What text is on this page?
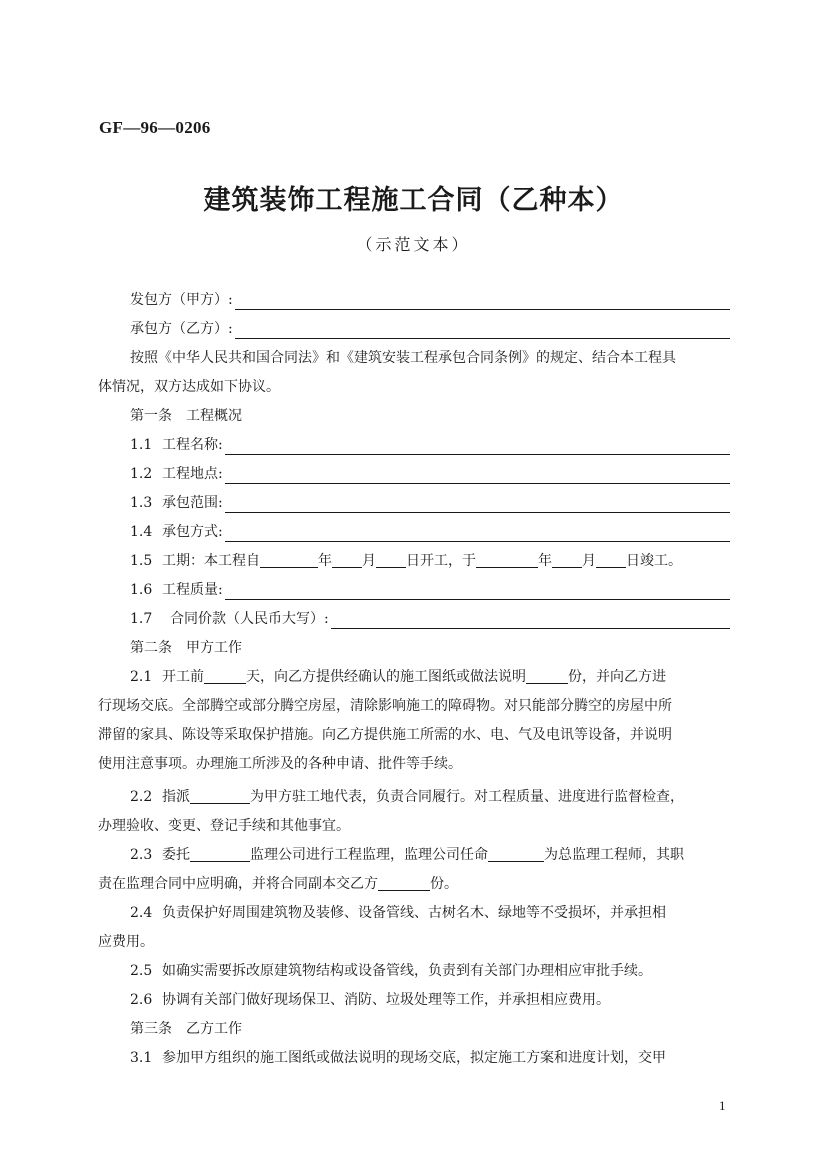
GF—96—0206
建筑装饰工程施工合同（乙种本）
（示范文本）
发包方（甲方）:
承包方（乙方）:
按照《中华人民共和国合同法》和《建筑安装工程承包合同条例》的规定、结合本工程具
体情况，双方达成如下协议。
第一条　工程概况
1.1 工程名称:
1.2 工程地点:
1.3 承包范围:
1.4 承包方式:
1.5 工期：本工程自	年 月 日开工，于	年 月 日竣工。
1.6 工程质量:
1.7	合同价款（人民币大写）:
第二条　甲方工作
2.1 开工前	天，向乙方提供经确认的施工图纸或做法说明	份，并向乙方进
行现场交底。全部腾空或部分腾空房屋，清除影响施工的障碍物。对只能部分腾空的房屋中所
滞留的家具、陈设等采取保护措施。向乙方提供施工所需的水、电、气及电讯等设备，并说明
使用注意事项。办理施工所涉及的各种申请、批件等手续。
2.2 指派	为甲方驻工地代表，负责合同履行。对工程质量、进度进行监督检查，
办理验收、变更、登记手续和其他事宜。
2.3 委托	监理公司进行工程监理，监理公司任命	为总监理工程师，其职
责在监理合同中应明确，并将合同副本交乙方	份。
2.4 负责保护好周围建筑物及装修、设备管线、古树名木、绿地等不受损坏，并承担相
应费用。
2.5 如确实需要拆改原建筑物结构或设备管线，负责到有关部门办理相应审批手续。
2.6 协调有关部门做好现场保卫、消防、垃圾处理等工作，并承担相应费用。
第三条　乙方工作
3.1 参加甲方组织的施工图纸或做法说明的现场交底，拟定施工方案和进度计划，交甲
1
